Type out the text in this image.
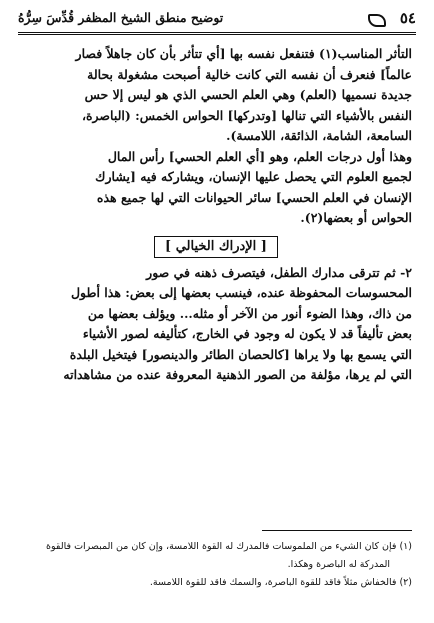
٥٤
توضيح منطق الشيخ المظفر قُدِّسَ سِرُّهُ
التأثر المناسب(١) فتنفعل نفسه بها [أي تتأثر بأن كان جاهلاً فصار
عالماً] فنعرف أن نفسه التي كانت خالية أصبحت مشغولة بحالة
جديدة نسميها (العلم) وهي العلم الحسي الذي هو ليس إلا حس
النفس بالأشياء التي تنالها [وتدركها] الحواس الخمس: (الباصرة،
السامعة، الشامة، الذائقة، اللامسة).
وهذا أول درجات العلم، وهو [أي العلم الحسي] رأس المال
لجميع العلوم التي يحصل عليها الإنسان، ويشاركه فيه [يشارك
الإنسان في العلم الحسي] سائر الحيوانات التي لها جميع هذه
الحواس أو بعضها(٢).
[ الإدراك الخيالي ]
٢- ثم تترقى مدارك الطفل، فيتصرف ذهنه في صور
المحسوسات المحفوظة عنده، فينسب بعضها إلى بعض: هذا أطول
من ذاك، وهذا الضوء أنور من الآخر أو مثله... ويؤلف بعضها من
بعض تأليفاً قد لا يكون له وجود في الخارج، كتأليفه لصور الأشياء
التي يسمع بها ولا يراها [كالحصان الطائر والدينصور] فيتخيل البلدة
التي لم يرها، مؤلفة من الصور الذهنية المعروفة عنده من مشاهداته
(١) فإن كان الشيء من الملموسات فالمدرك له القوة اللامسة، وإن كان من المبصرات فالقوة
المدركة له الباصرة وهكذا.
(٢) فالخفاش مثلاً فاقد للقوة الباصرة، والسمك فاقد للقوة اللامسة.
